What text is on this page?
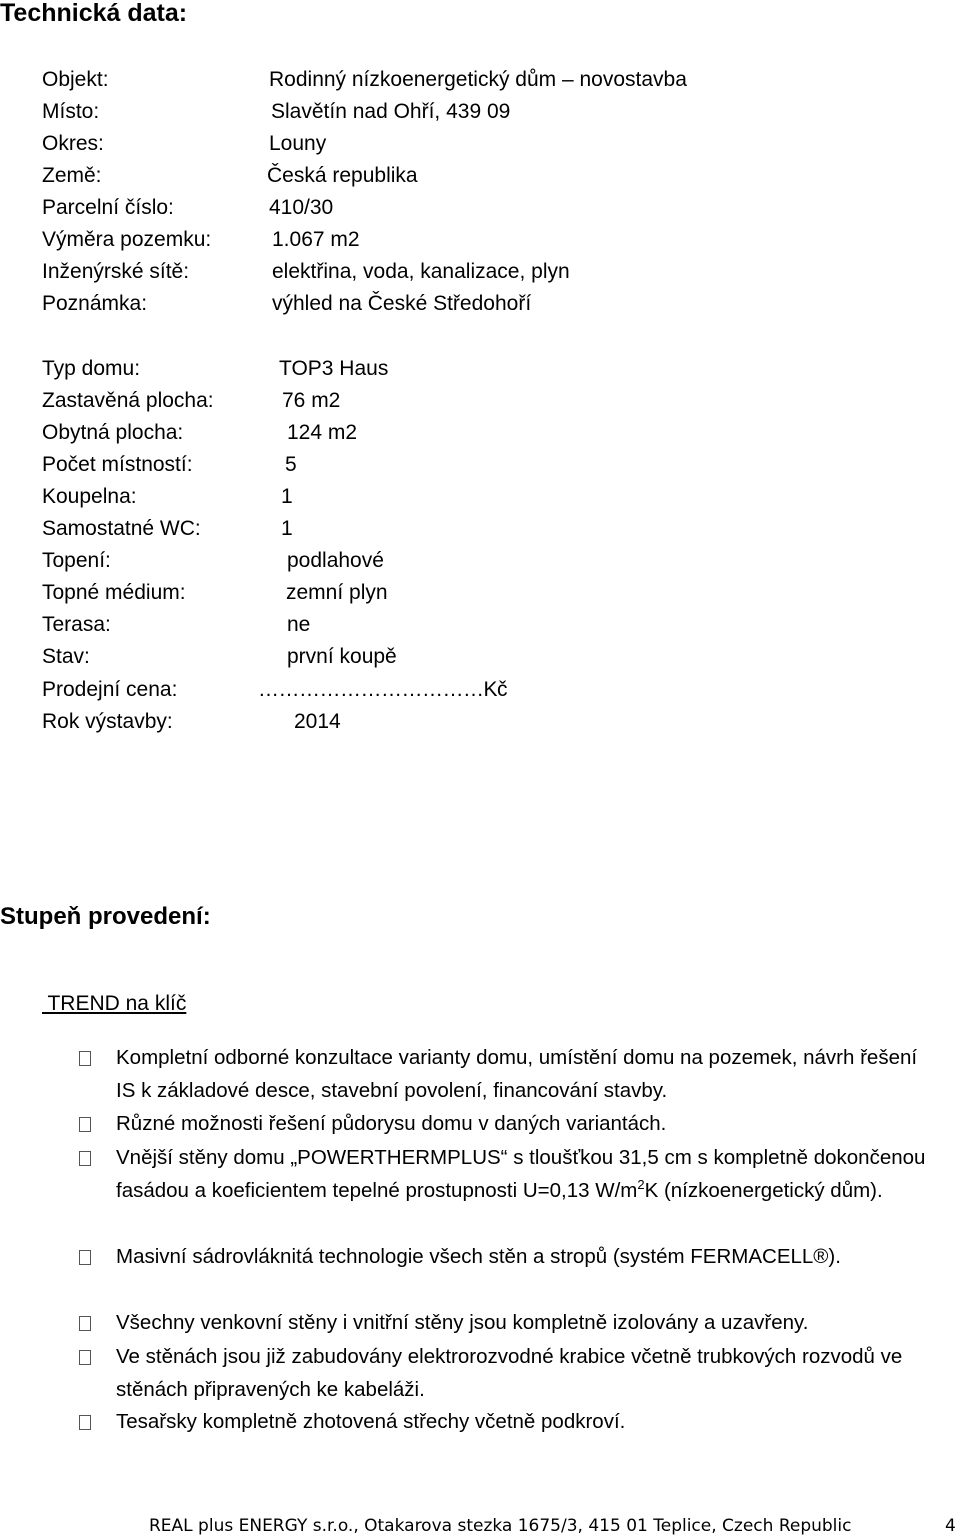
Technická data:
Objekt:	Rodinný nízkoenergetický dům – novostavba
Místo:	Slavětín nad Ohří, 439 09
Okres:	Louny
Země:	Česká republika
Parcelní číslo:	410/30
Výměra pozemku:	1.067 m2
Inženýrské sítě:	elektřina, voda, kanalizace, plyn
Poznámka:	výhled na České Středohoří
Typ domu:	TOP3 Haus
Zastavěná plocha:	76 m2
Obytná plocha:	124 m2
Počet místností:	5
Koupelna:	1
Samostatné WC:	1
Topení:	podlahové
Topné médium:	zemní plyn
Terasa:	ne
Stav:	první koupě
Prodejní cena:	……………………………Kč
Rok výstavby:	2014
Stupeň provedení:
TREND na klíč
Kompletní odborné konzultace varianty domu, umístění domu na pozemek, návrh řešení IS k základové desce, stavební povolení, financování stavby.
Různé možnosti řešení půdorysu domu v daných variantách.
Vnější stěny domu „POWERTHERMPLUS“ s tloušťkou 31,5 cm s kompletně dokončenou fasádou a koeficientem tepelné prostupnosti U=0,13 $W/m^2K$ (nízkoenergetický dům).
Masivní sádrovláknitá technologie všech stěn a stropů (systém FERMACELL®).
Všechny venkovní stěny i vnitřní stěny jsou kompletně izolovány a uzavřeny.
Ve stěnách jsou již zabudovány elektrorozvodné krabice včetně trubkových rozvodů ve stěnách připravených ke kabeláži.
Tesařsky kompletně zhotovená střechy včetně podkroví.
REAL plus ENERGY s.r.o., Otakarova stezka 1675/3, 415 01 Teplice, Czech Republic	4
